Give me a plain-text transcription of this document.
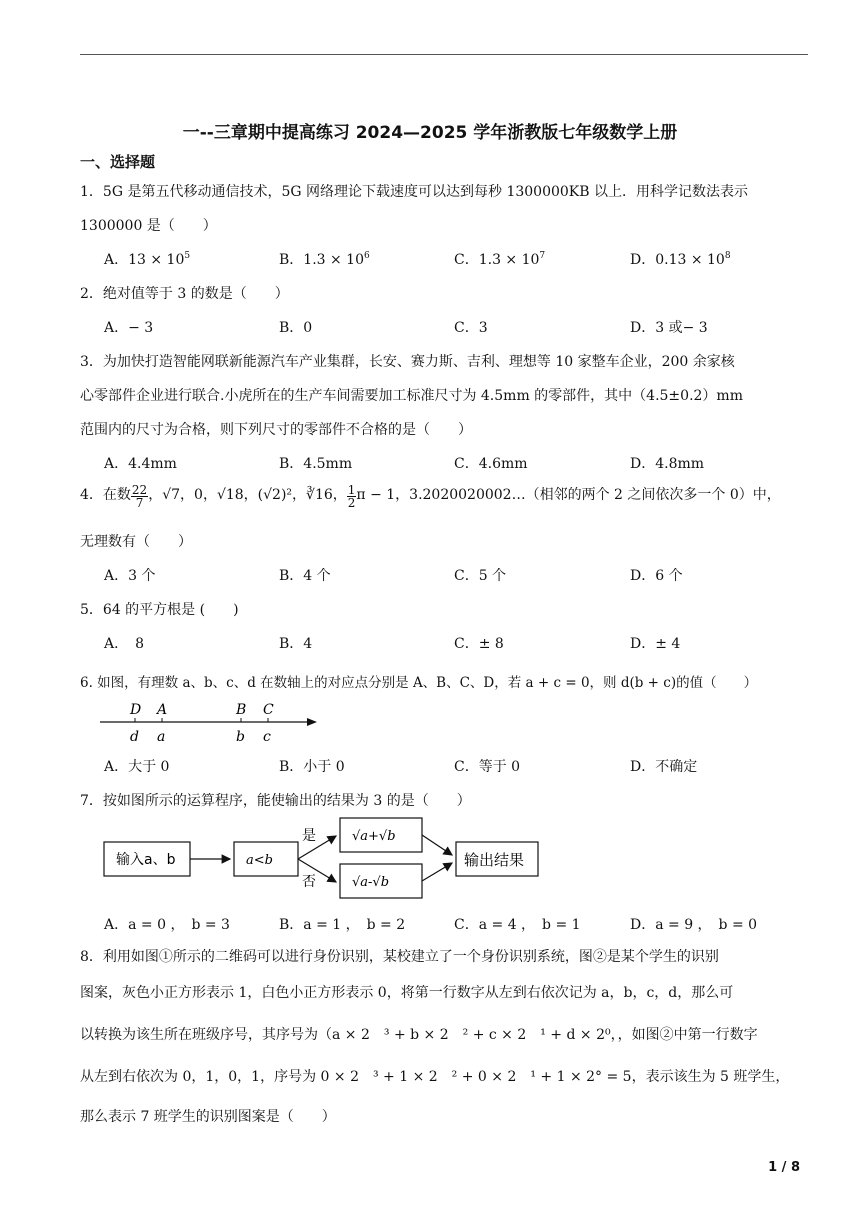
一--三章期中提高练习 2024—2025 学年浙教版七年级数学上册
一、选择题
1．5G 是第五代移动通信技术，5G 网络理论下载速度可以达到每秒 1300000KB 以上．用科学记数法表示
1300000 是（　　）
A．$13 \times 10^5$	B．$1.3 \times 10^6$	C．$1.3 \times 10^7$	D．$0.13 \times 10^8$
2．绝对值等于 3 的数是（　　）
A．− 3	B．0	C．3	D．3 或− 3
3．为加快打造智能网联新能源汽车产业集群，长安、赛力斯、吉利、理想等 10 家整车企业，200 余家核
心零部件企业进行联合.小虎所在的生产车间需要加工标准尺寸为 4.5mm 的零部件，其中（4.5±0.2）mm
范围内的尺寸为合格，则下列尺寸的零部件不合格的是（　　）
A．4.4mm	B．4.5mm	C．4.6mm	D．4.8mm
4．在数 $\frac{22}{7}$ ，√7，0，√18，(√2)²，∛16， $\frac{1}{2}$ π − 1，3.2020020002…（相邻的两个 2 之间依次多一个 0）中，
无理数有（　　）
A．3 个	B．4 个	C．5 个	D．6 个
5．64 的平方根是 (　　)
A．　8	B．4	C．± 8	D．± 4
6. 如图，有理数 a、b、c、d 在数轴上的对应点分别是 A、B、C、D，若 a + c = 0，则 d(b + c)的值（　　）
D A	B C
d a	b c
A．大于 0	B．小于 0	C．等于 0	D．不确定
7．按如图所示的运算程序，能使输出的结果为 3 的是（　　）
输入a、b	a<b
是
否
√a+√b
√a-√b
输出结果
A．a = 0 ，　b = 3	B．a = 1 ，　b = 2	C．a = 4 ，　b = 1	D．a = 9 ，　b = 0
8．利用如图①所示的二维码可以进行身份识别，某校建立了一个身份识别系统，图②是某个学生的识别
图案，灰色小正方形表示 1，白色小正方形表示 0，将第一行数字从左到右依次记为 a，b，c，d，那么可
以转换为该生所在班级序号，其序号为（a × 2　³ + b × 2　² + c × 2　¹ + d × 2⁰，，如图②中第一行数字
从左到右依次为 0，1，0，1，序号为 0 × 2　³ + 1 × 2　² + 0 × 2　¹ + 1 × 2° = 5，表示该生为 5 班学生，
那么表示 7 班学生的识别图案是（　　）
1 / 8
